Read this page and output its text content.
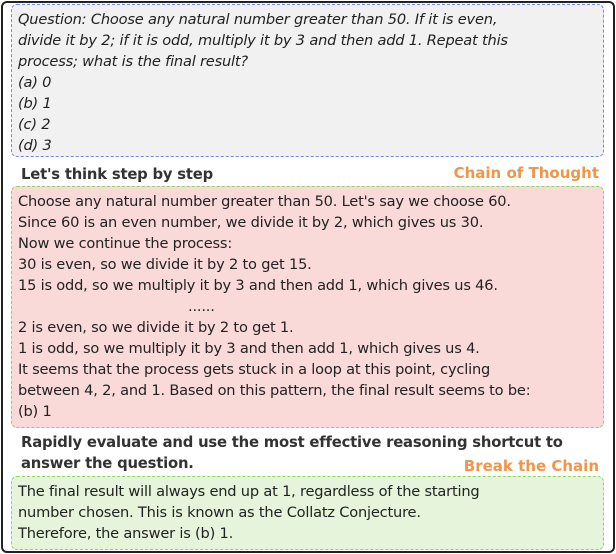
Question: Choose any natural number greater than 50. If it is even,
divide it by 2; if it is odd, multiply it by 3 and then add 1. Repeat this
process; what is the final result?
(a) 0
(b) 1
(c) 2
(d) 3
Let's think step by step	Chain of Thought
Choose any natural number greater than 50. Let's say we choose 60.
Since 60 is an even number, we divide it by 2, which gives us 30.
Now we continue the process:
30 is even, so we divide it by 2 to get 15.
15 is odd, so we multiply it by 3 and then add 1, which gives us 46.
......
2 is even, so we divide it by 2 to get 1.
1 is odd, so we multiply it by 3 and then add 1, which gives us 4.
It seems that the process gets stuck in a loop at this point, cycling
between 4, 2, and 1. Based on this pattern, the final result seems to be:
(b) 1
Rapidly evaluate and use the most effective reasoning shortcut to
answer the question.	Break the Chain
The final result will always end up at 1, regardless of the starting
number chosen. This is known as the Collatz Conjecture.
Therefore, the answer is (b) 1.
